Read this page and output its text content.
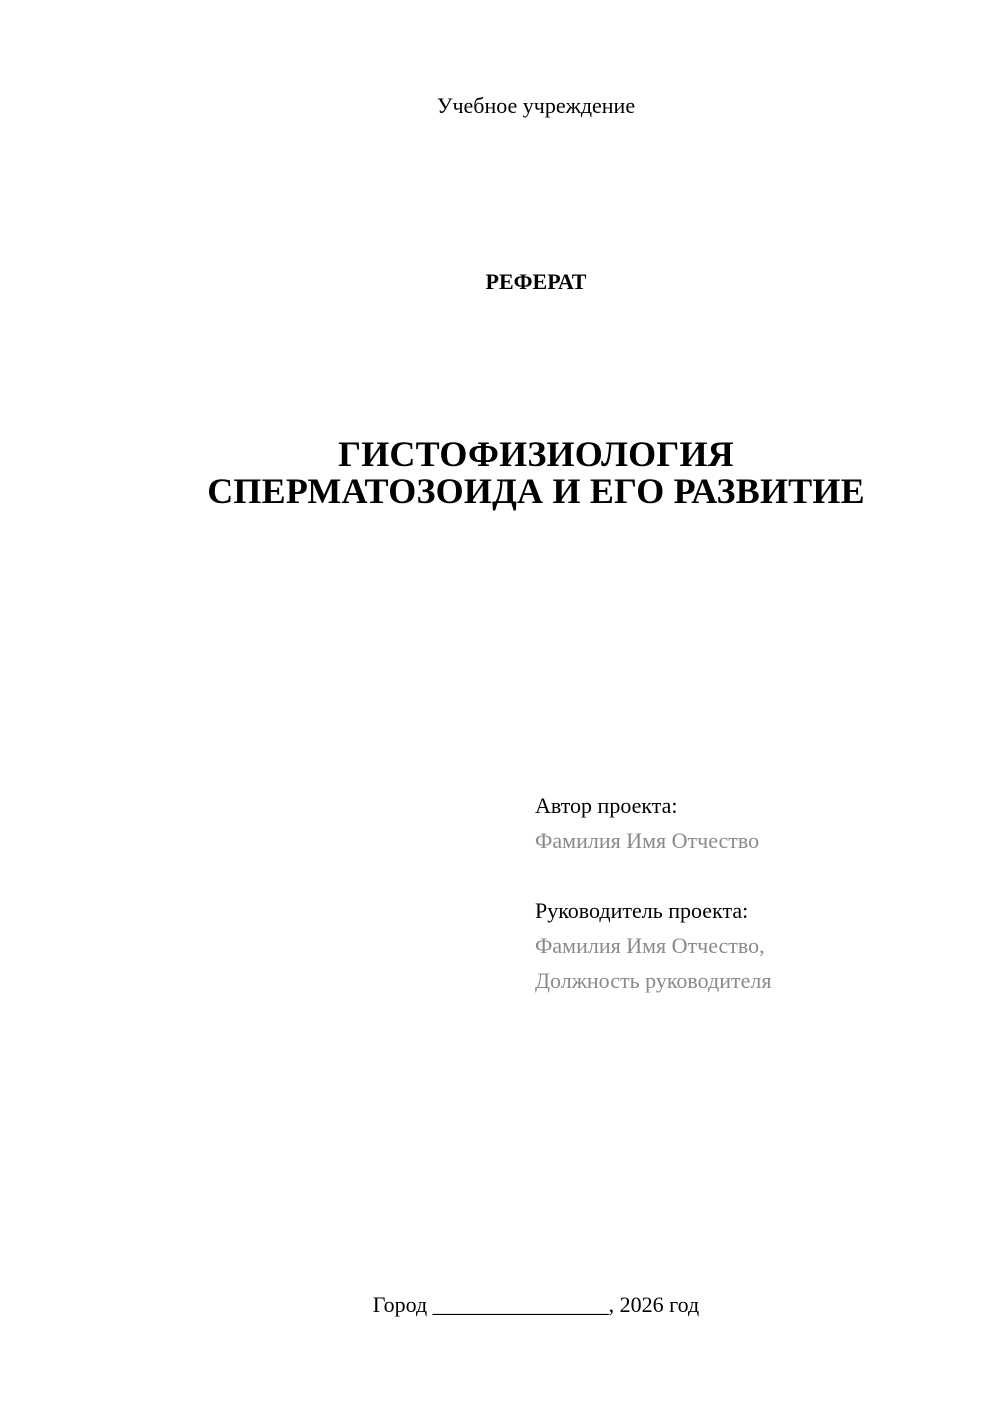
Учебное учреждение
РЕФЕРАТ
ГИСТОФИЗИОЛОГИЯ
СПЕРМАТОЗОИДА И ЕГО РАЗВИТИЕ
Автор проекта:
Фамилия Имя Отчество
Руководитель проекта:
Фамилия Имя Отчество,
Должность руководителя
Город ________________, 2026 год
